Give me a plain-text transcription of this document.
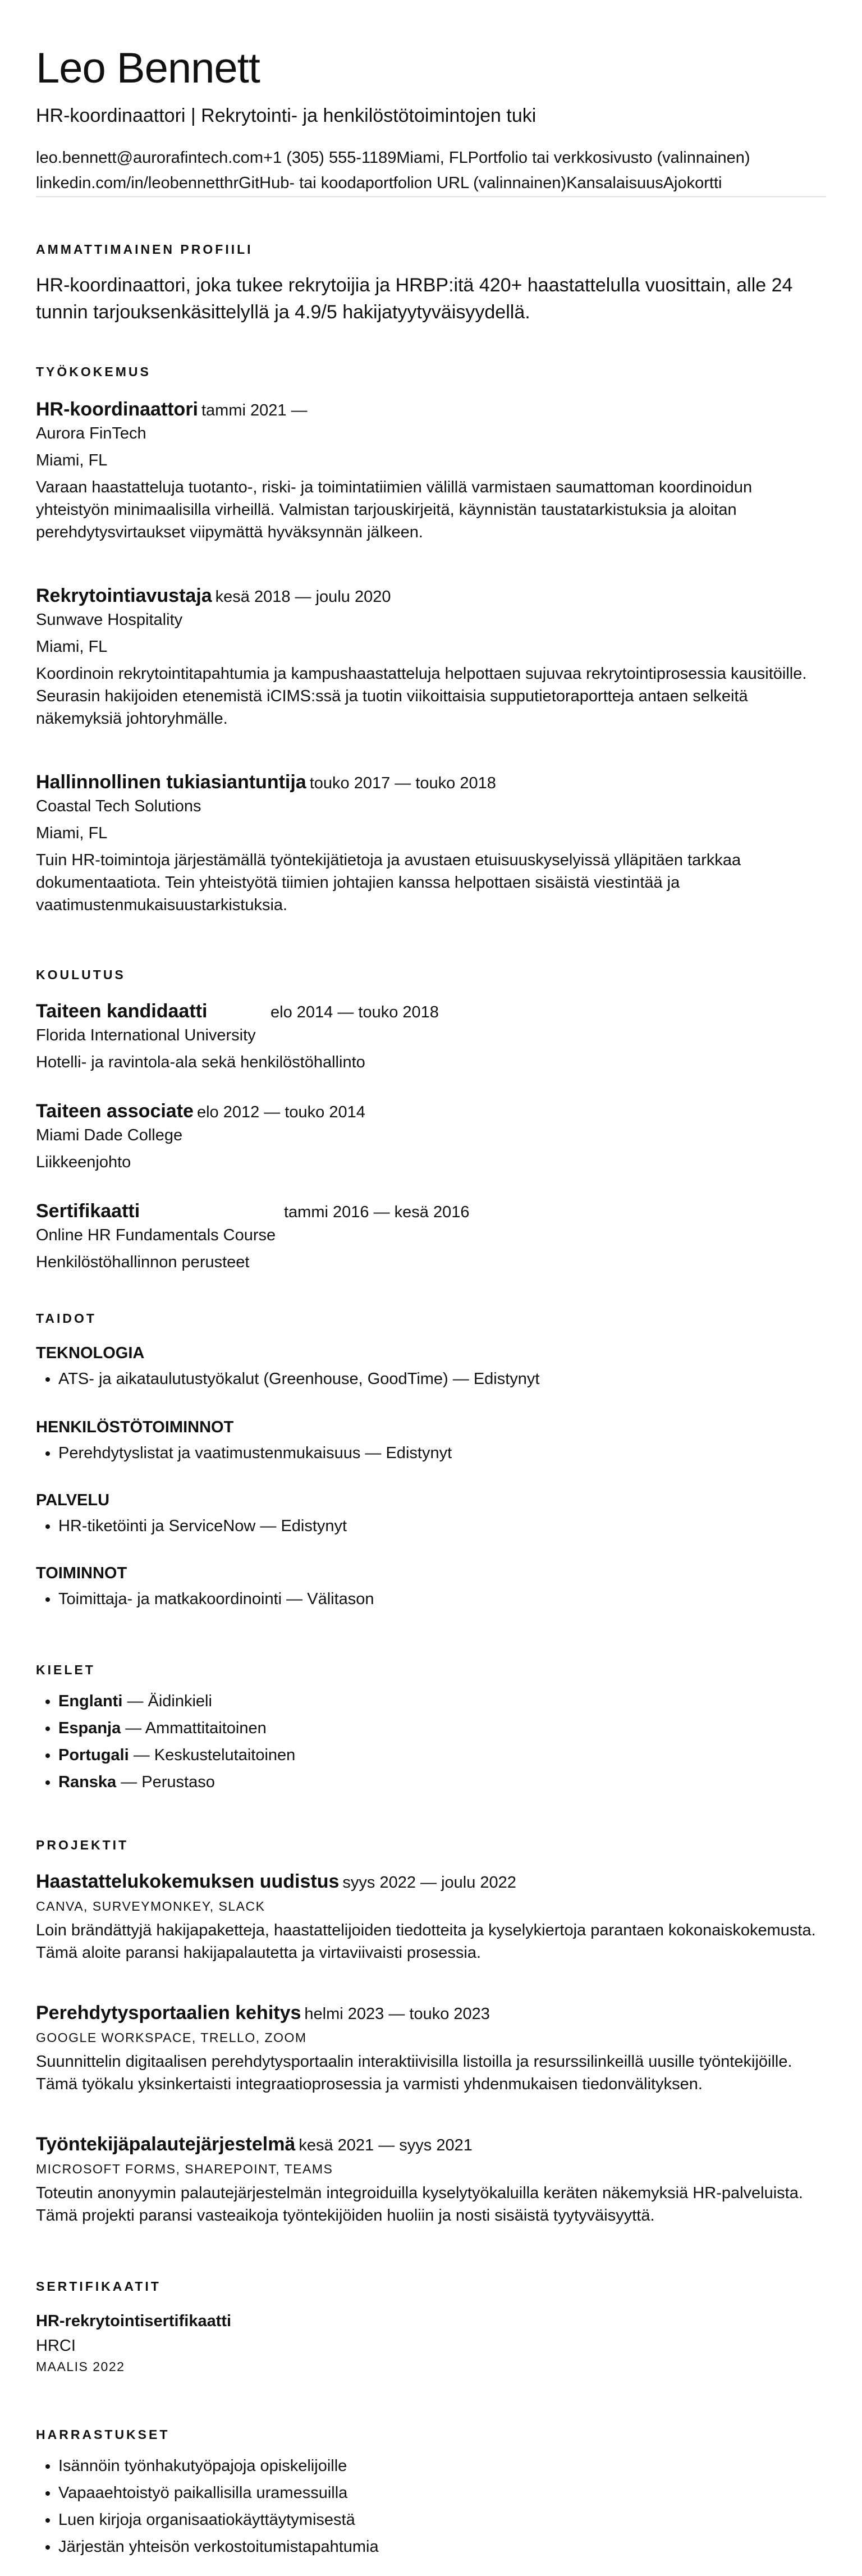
Leo Bennett
HR-koordinaattori | Rekrytointi- ja henkilöstötoimintojen tuki
leo.bennett@aurorafintech.com+1 (305) 555-1189Miami, FLPortfolio tai verkkosivusto (valinnainen)
linkedin.com/in/leobennetthrGitHub- tai koodaportfolion URL (valinnainen)KansalaisuusAjokortti
AMMATTIMAINEN PROFIILI
HR-koordinaattori, joka tukee rekrytoijia ja HRBP:itä 420+ haastattelulla vuosittain, alle 24 tunnin tarjouksenkäsittelyllä ja 4.9/5 hakijatyytyväisyydellä.
TYÖKOKEMUS
HR-koordinaattori tammi 2021 —
Aurora FinTech
Miami, FL
Varaan haastatteluja tuotanto-, riski- ja toimintatiimien välillä varmistaen saumattoman koordinoidun yhteistyön minimaalisilla virheillä. Valmistan tarjouskirjeitä, käynnistän taustatarkistuksia ja aloitan perehdytysvirtaukset viipymättä hyväksynnän jälkeen.
Rekrytointiavustaja kesä 2018 — joulu 2020
Sunwave Hospitality
Miami, FL
Koordinoin rekrytointitapahtumia ja kampushaastatteluja helpottaen sujuvaa rekrytointiprosessia kausitöille. Seurasin hakijoiden etenemistä iCIMS:ssä ja tuotin viikoittaisia supputietoraportteja antaen selkeitä näkemyksiä johtoryhmälle.
Hallinnollinen tukiasiantuntija touko 2017 — touko 2018
Coastal Tech Solutions
Miami, FL
Tuin HR-toimintoja järjestämällä työntekijätietoja ja avustaen etuisuuskyselyissä ylläpitäen tarkkaa dokumentaatiota. Tein yhteistyötä tiimien johtajien kanssa helpottaen sisäistä viestintää ja vaatimustenmukaisuustarkistuksia.
KOULUTUS
Taiteen kandidaatti	elo 2014 — touko 2018
Florida International University
Hotelli- ja ravintola-ala sekä henkilöstöhallinto
Taiteen associate elo 2012 — touko 2014
Miami Dade College
Liikkeenjohto
Sertifikaatti	tammi 2016 — kesä 2016
Online HR Fundamentals Course
Henkilöstöhallinnon perusteet
TAIDOT
TEKNOLOGIA
• ATS- ja aikataulutustyökalut (Greenhouse, GoodTime) — Edistynyt
HENKILÖSTÖTOIMINNOT
• Perehdytyslistat ja vaatimustenmukaisuus — Edistynyt
PALVELU
• HR-tiketöinti ja ServiceNow — Edistynyt
TOIMINNOT
• Toimittaja- ja matkakoordinointi — Välitason
KIELET
• Englanti — Äidinkieli
• Espanja — Ammattitaitoinen
• Portugali — Keskustelutaitoinen
• Ranska — Perustaso
PROJEKTIT
Haastattelukokemuksen uudistus syys 2022 — joulu 2022
CANVA, SURVEYMONKEY, SLACK
Loin brändättyjä hakijapaketteja, haastattelijoiden tiedotteita ja kyselykiertoja parantaen kokonaiskokemusta. Tämä aloite paransi hakijapalautetta ja virtaviivaisti prosessia.
Perehdytysportaalien kehitys helmi 2023 — touko 2023
GOOGLE WORKSPACE, TRELLO, ZOOM
Suunnittelin digitaalisen perehdytysportaalin interaktiivisilla listoilla ja resurssilinkeillä uusille työntekijöille. Tämä työkalu yksinkertaisti integraatioprosessia ja varmisti yhdenmukaisen tiedonvälityksen.
Työntekijäpalautejärjestelmä kesä 2021 — syys 2021
MICROSOFT FORMS, SHAREPOINT, TEAMS
Toteutin anonyymin palautejärjestelmän integroiduilla kyselytyökaluilla keräten näkemyksiä HR-palveluista. Tämä projekti paransi vasteaikoja työntekijöiden huoliin ja nosti sisäistä tyytyväisyyttä.
SERTIFIKAATIT
HR-rekrytointisertifikaatti
HRCI
MAALIS 2022
HARRASTUKSET
• Isännöin työnhakutyöpajoja opiskelijoille
• Vapaaehtoistyö paikallisilla uramessuilla
• Luen kirjoja organisaatiokäyttäytymisestä
• Järjestän yhteisön verkostoitumistapahtumia
